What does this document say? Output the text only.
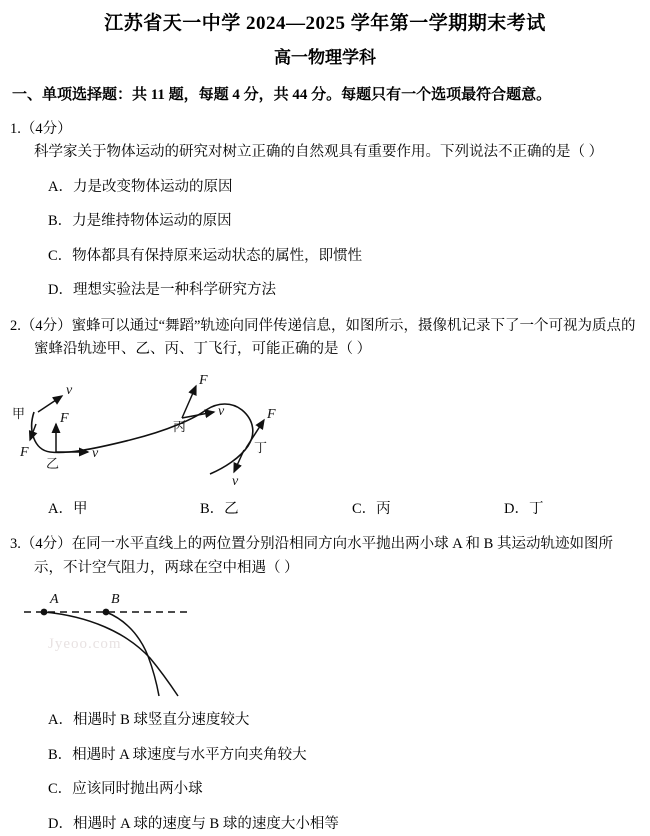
江苏省天一中学 2024—2025 学年第一学期期末考试
高一物理学科
一、单项选择题：共 11 题，每题 4 分，共 44 分。每题只有一个选项最符合题意。
1.（4分）科学家关于物体运动的研究对树立正确的自然观具有重要作用。下列说法不正确的是（ ）
A．力是改变物体运动的原因
B．力是维持物体运动的原因
C．物体都具有保持原来运动状态的属性，即惯性
D．理想实验法是一种科学研究方法
2.（4分）蜜蜂可以通过“舞蹈”轨迹向同伴传递信息，如图所示，摄像机记录下了一个可视为质点的蜜蜂沿轨迹甲、乙、丙、丁飞行，可能正确的是（ ）
甲
v
F
乙
F
v
丙
F
v
丁
F
v
A．甲	B．乙	C．丙	D．丁
3.（4分）在同一水平直线上的两位置分别沿相同方向水平抛出两小球 A 和 B 其运动轨迹如图所示，不计空气阻力，两球在空中相遇（ ）
Jyeoo.com
A	B
A．相遇时 B 球竖直分速度较大
B．相遇时 A 球速度与水平方向夹角较大
C．应该同时抛出两小球
D．相遇时 A 球的速度与 B 球的速度大小相等
